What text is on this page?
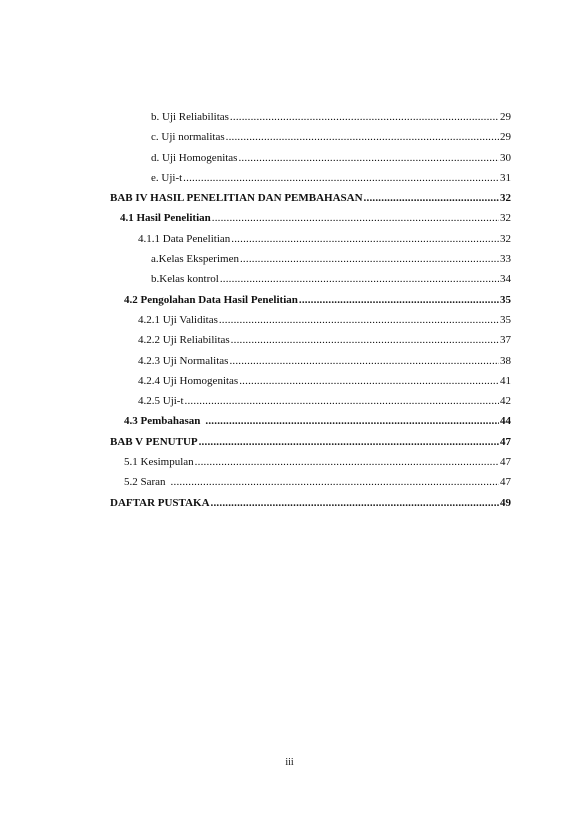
b. Uji Reliabilitas .....	29
c. Uji normalitas .....	29
d. Uji Homogenitas .....	30
e. Uji-t .....	31
BAB IV HASIL PENELITIAN DAN PEMBAHASAN .....	32
4.1 Hasil Penelitian .....	32
4.1.1 Data Penelitian .....	32
a.Kelas Eksperimen .....	33
b.Kelas kontrol .....	34
4.2 Pengolahan Data Hasil Penelitian .....	35
4.2.1 Uji Validitas .....	35
4.2.2 Uji Reliabilitas .....	37
4.2.3 Uji Normalitas .....	38
4.2.4 Uji Homogenitas .....	41
4.2.5 Uji-t .....	42
4.3 Pembahasan .....	44
BAB V PENUTUP .....	47
5.1 Kesimpulan .....	47
5.2 Saran .....	47
DAFTAR PUSTAKA .....	49
iii
